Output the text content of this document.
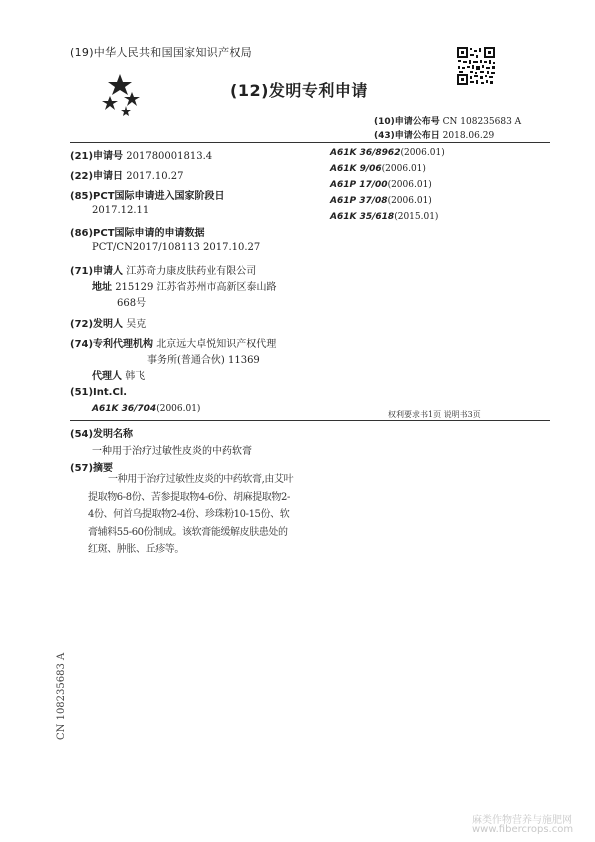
(19)中华人民共和国国家知识产权局
(12)发明专利申请
(10)申请公布号 CN 108235683 A
(43)申请公布日 2018.06.29
(21)申请号 201780001813.4
(22)申请日 2017.10.27
(85)PCT国际申请进入国家阶段日
2017.12.11
(86)PCT国际申请的申请数据
PCT/CN2017/108113 2017.10.27
(71)申请人 江苏奇力康皮肤药业有限公司
地址 215129 江苏省苏州市高新区泰山路
668号
(72)发明人 吴克
(74)专利代理机构 北京远大卓悦知识产权代理
事务所(普通合伙) 11369
代理人 韩飞
(51)Int.Cl.
A61K 36/704(2006.01)
A61K 36/8962(2006.01)
A61K 9/06(2006.01)
A61P 17/00(2006.01)
A61P 37/08(2006.01)
A61K 35/618(2015.01)
权利要求书1页 说明书3页
(54)发明名称
一种用于治疗过敏性皮炎的中药软膏
(57)摘要
一种用于治疗过敏性皮炎的中药软膏,由艾叶提取物6-8份、苦参提取物4-6份、胡麻提取物2-4份、何首乌提取物2-4份、珍珠粉10-15份、软膏辅料55-60份制成。该软膏能缓解皮肤患处的红斑、肿胀、丘疹等。
CN 108235683 A
麻类作物营养与施肥网
www.fibercrops.com
